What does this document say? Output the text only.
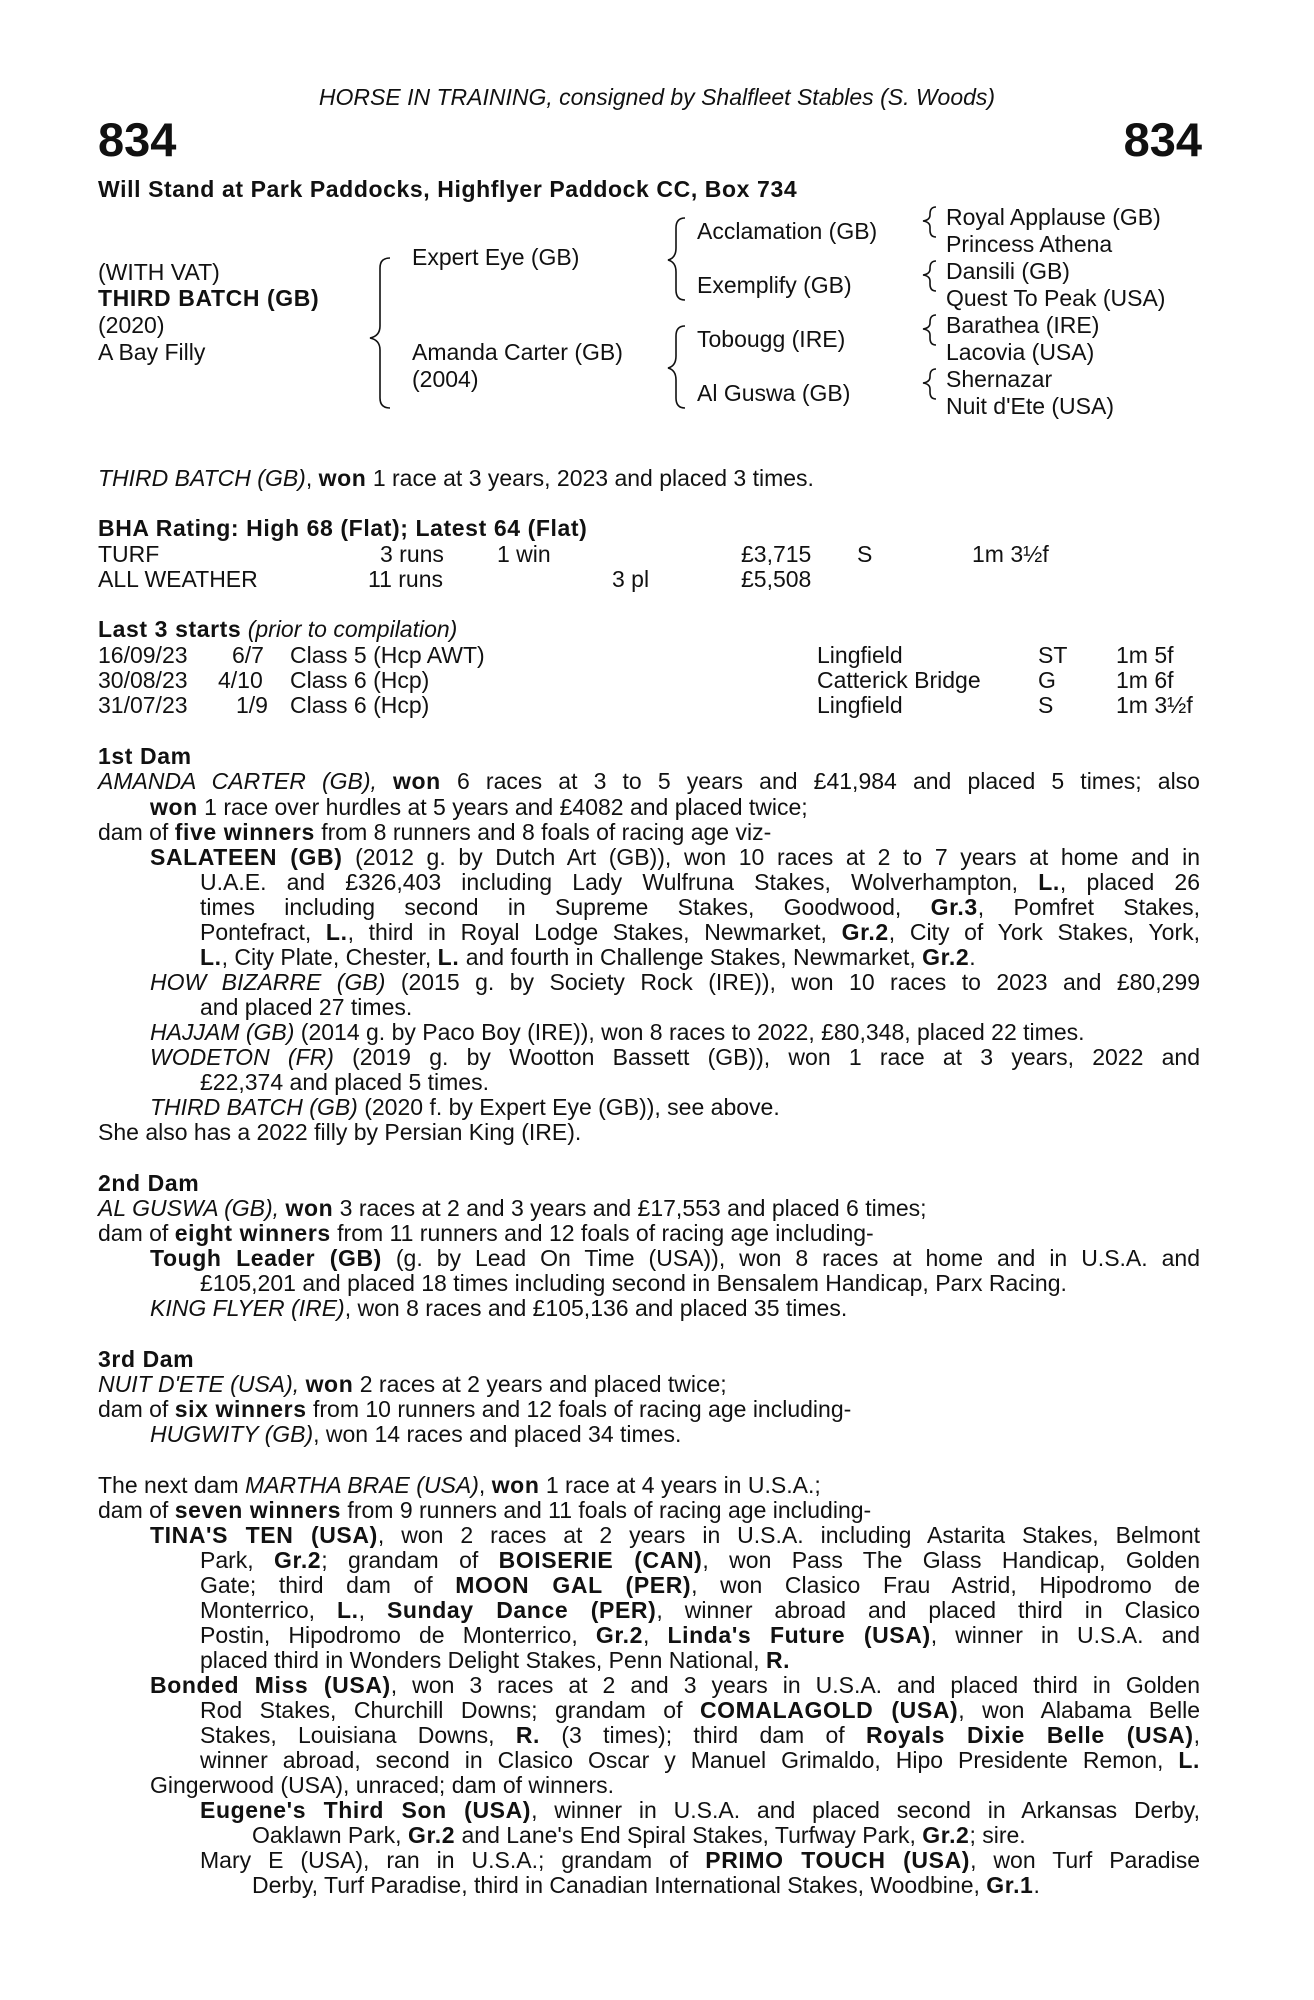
HORSE IN TRAINING, consigned by Shalfleet Stables (S. Woods)
834	834
Will Stand at Park Paddocks, Highflyer Paddock CC, Box 734
(WITH VAT)
THIRD BATCH (GB)
(2020)
A Bay Filly
Expert Eye (GB)
Amanda Carter (GB)
(2004)
Acclamation (GB)
Exemplify (GB)
Tobougg (IRE)
Al Guswa (GB)
Royal Applause (GB)
Princess Athena
Dansili (GB)
Quest To Peak (USA)
Barathea (IRE)
Lacovia (USA)
Shernazar
Nuit d'Ete (USA)
THIRD BATCH (GB), won 1 race at 3 years, 2023 and placed 3 times.
BHA Rating: High 68 (Flat); Latest 64 (Flat)
TURF	3 runs 1 win	£3,715 S	1m 3½f
ALL WEATHER	11 runs	3 pl	£5,508
Last 3 starts (prior to compilation)
16/09/23 6/7 Class 5 (Hcp AWT)	Lingfield	ST 1m 5f
30/08/23 4/10 Class 6 (Hcp)	Catterick Bridge G	1m 6f
31/07/23 1/9 Class 6 (Hcp)	Lingfield	S	1m 3½f
1st Dam
AMANDA CARTER (GB), won 6 races at 3 to 5 years and £41,984 and placed 5 times; also
won 1 race over hurdles at 5 years and £4082 and placed twice;
dam of five winners from 8 runners and 8 foals of racing age viz-
SALATEEN (GB) (2012 g. by Dutch Art (GB)), won 10 races at 2 to 7 years at home and in
U.A.E. and £326,403 including Lady Wulfruna Stakes, Wolverhampton, L., placed 26
times including second in Supreme Stakes, Goodwood, Gr.3, Pomfret Stakes,
Pontefract, L., third in Royal Lodge Stakes, Newmarket, Gr.2, City of York Stakes, York,
L., City Plate, Chester, L. and fourth in Challenge Stakes, Newmarket, Gr.2.
HOW BIZARRE (GB) (2015 g. by Society Rock (IRE)), won 10 races to 2023 and £80,299
and placed 27 times.
HAJJAM (GB) (2014 g. by Paco Boy (IRE)), won 8 races to 2022, £80,348, placed 22 times.
WODETON (FR) (2019 g. by Wootton Bassett (GB)), won 1 race at 3 years, 2022 and
£22,374 and placed 5 times.
THIRD BATCH (GB) (2020 f. by Expert Eye (GB)), see above.
She also has a 2022 filly by Persian King (IRE).
2nd Dam
AL GUSWA (GB), won 3 races at 2 and 3 years and £17,553 and placed 6 times;
dam of eight winners from 11 runners and 12 foals of racing age including-
Tough Leader (GB) (g. by Lead On Time (USA)), won 8 races at home and in U.S.A. and
£105,201 and placed 18 times including second in Bensalem Handicap, Parx Racing.
KING FLYER (IRE), won 8 races and £105,136 and placed 35 times.
3rd Dam
NUIT D'ETE (USA), won 2 races at 2 years and placed twice;
dam of six winners from 10 runners and 12 foals of racing age including-
HUGWITY (GB), won 14 races and placed 34 times.
The next dam MARTHA BRAE (USA), won 1 race at 4 years in U.S.A.;
dam of seven winners from 9 runners and 11 foals of racing age including-
TINA'S TEN (USA), won 2 races at 2 years in U.S.A. including Astarita Stakes, Belmont
Park, Gr.2; grandam of BOISERIE (CAN), won Pass The Glass Handicap, Golden
Gate; third dam of MOON GAL (PER), won Clasico Frau Astrid, Hipodromo de
Monterrico, L., Sunday Dance (PER), winner abroad and placed third in Clasico
Postin, Hipodromo de Monterrico, Gr.2, Linda's Future (USA), winner in U.S.A. and
placed third in Wonders Delight Stakes, Penn National, R.
Bonded Miss (USA), won 3 races at 2 and 3 years in U.S.A. and placed third in Golden
Rod Stakes, Churchill Downs; grandam of COMALAGOLD (USA), won Alabama Belle
Stakes, Louisiana Downs, R. (3 times); third dam of Royals Dixie Belle (USA),
winner abroad, second in Clasico Oscar y Manuel Grimaldo, Hipo Presidente Remon, L.
Gingerwood (USA), unraced; dam of winners.
Eugene's Third Son (USA), winner in U.S.A. and placed second in Arkansas Derby,
Oaklawn Park, Gr.2 and Lane's End Spiral Stakes, Turfway Park, Gr.2; sire.
Mary E (USA), ran in U.S.A.; grandam of PRIMO TOUCH (USA), won Turf Paradise
Derby, Turf Paradise, third in Canadian International Stakes, Woodbine, Gr.1.
